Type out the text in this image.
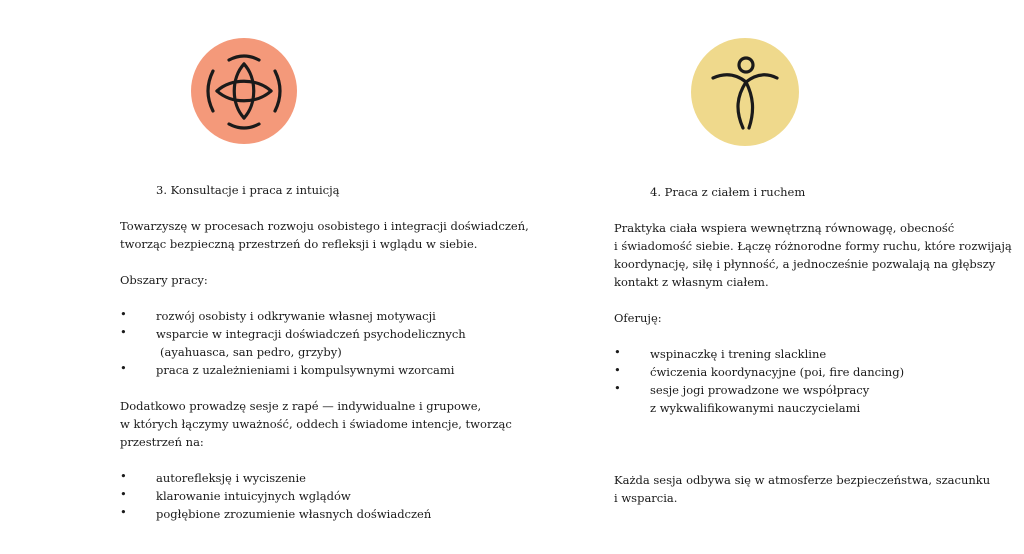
3. Konsultacje i praca z intuicją
Towarzyszę w procesach rozwoju osobistego i integracji doświadczeń,
tworząc bezpieczną przestrzeń do refleksji i wglądu w siebie.
Obszary pracy:
•	rozwój osobisty i odkrywanie własnej motywacji
•	wsparcie w integracji doświadczeń psychodelicznych
(ayahuasca, san pedro, grzyby)
•	praca z uzależnieniami i kompulsywnymi wzorcami
Dodatkowo prowadzę sesje z rapé — indywidualne i grupowe,
w których łączymy uważność, oddech i świadome intencje, tworząc
przestrzeń na:
•	autorefleksję i wyciszenie
•	klarowanie intuicyjnych wglądów
•	pogłębione zrozumienie własnych doświadczeń
4. Praca z ciałem i ruchem
Praktyka ciała wspiera wewnętrzną równowagę, obecność
i świadomość siebie. Łączę różnorodne formy ruchu, które rozwijają
koordynację, siłę i płynność, a jednocześnie pozwalają na głębszy
kontakt z własnym ciałem.
Oferuję:
•	wspinaczkę i trening slackline
•	ćwiczenia koordynacyjne (poi, fire dancing)
•	sesje jogi prowadzone we współpracy
z wykwalifikowanymi nauczycielami
Każda sesja odbywa się w atmosferze bezpieczeństwa, szacunku
i wsparcia.
